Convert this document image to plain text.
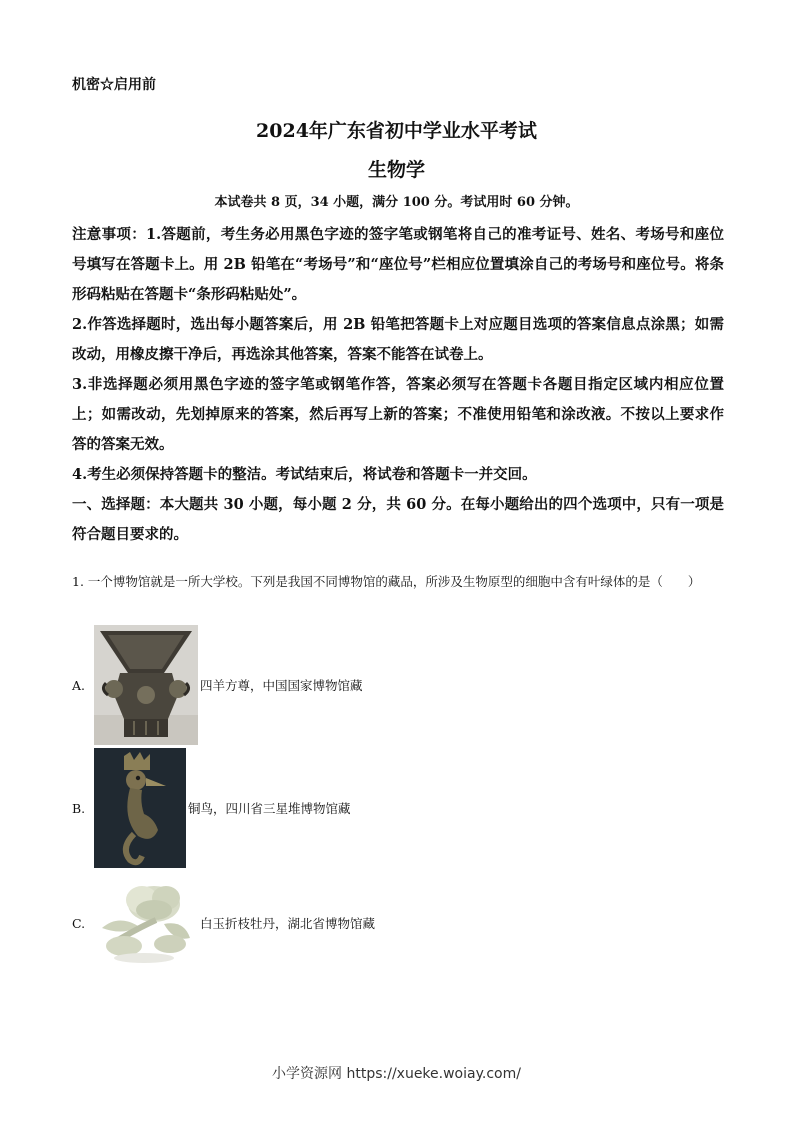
机密☆启用前
2024年广东省初中学业水平考试
生物学
本试卷共 8 页，34 小题，满分 100 分。考试用时 60 分钟。

注意事项：1.答题前，考生务必用黑色字迹的签字笔或钢笔将自己的准考证号、姓名、考场号和座位号填写在答题卡上。用 2B 铅笔在“考场号”和“座位号”栏相应位置填涂自己的考场号和座位号。将条形码粘贴在答题卡“条形码粘贴处”。

2.作答选择题时，选出每小题答案后，用 2B 铅笔把答题卡上对应题目选项的答案信息点涂黑；如需改动，用橡皮擦干净后，再选涂其他答案，答案不能答在试卷上。

3.非选择题必须用黑色字迹的签字笔或钢笔作答，答案必须写在答题卡各题目指定区域内相应位置上；如需改动，先划掉原来的答案，然后再写上新的答案；不准使用铅笔和涂改液。不按以上要求作答的答案无效。

4.考生必须保持答题卡的整洁。考试结束后，将试卷和答题卡一并交回。

一、选择题：本大题共 30 小题，每小题 2 分，共 60 分。在每小题给出的四个选项中，只有一项是符合题目要求的。

1. 一个博物馆就是一所大学校。下列是我国不同博物馆的藏品，所涉及生物原型的细胞中含有叶绿体的是（　　）
A.	四羊方尊，中国国家博物馆藏
B.	铜鸟，四川省三星堆博物馆藏
C.	白玉折枝牡丹，湖北省博物馆藏
小学资源网 https://xueke.woiay.com/
